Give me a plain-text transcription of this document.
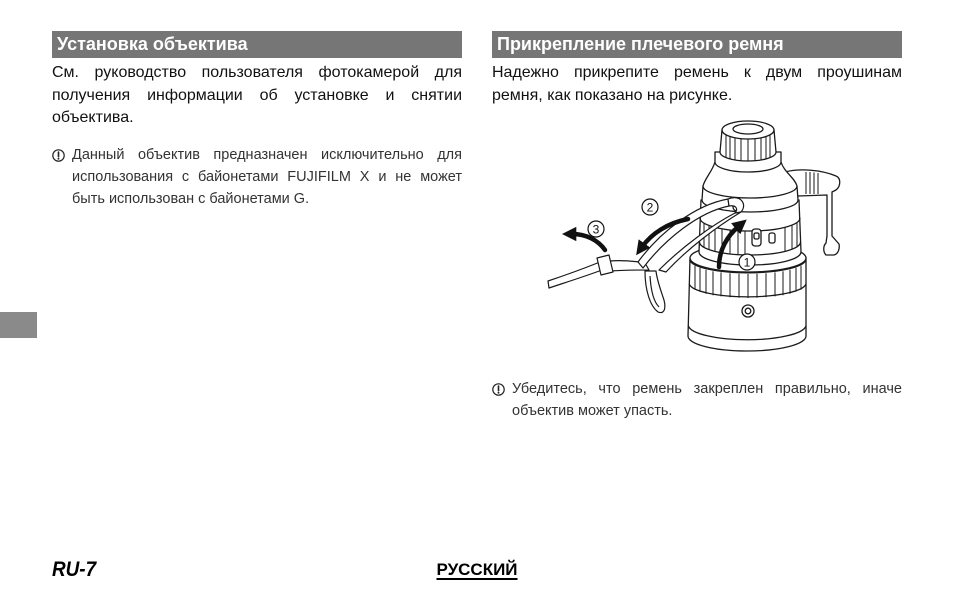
Установка объектива
См. руководство пользователя фотокамерой для
получения информации об установке и снятии
объектива.
Данный объектив предназначен исключительно для
использования с байонетами FUJIFILM X и не может
быть использован с байонетами G.
Прикрепление плечевого ремня
Надежно прикрепите ремень к двум проушинам
ремня, как показано на рисунке.
1
2
3
Убедитесь, что ремень закреплен правильно, иначе
объектив может упасть.
RU-7	РУССКИЙ
